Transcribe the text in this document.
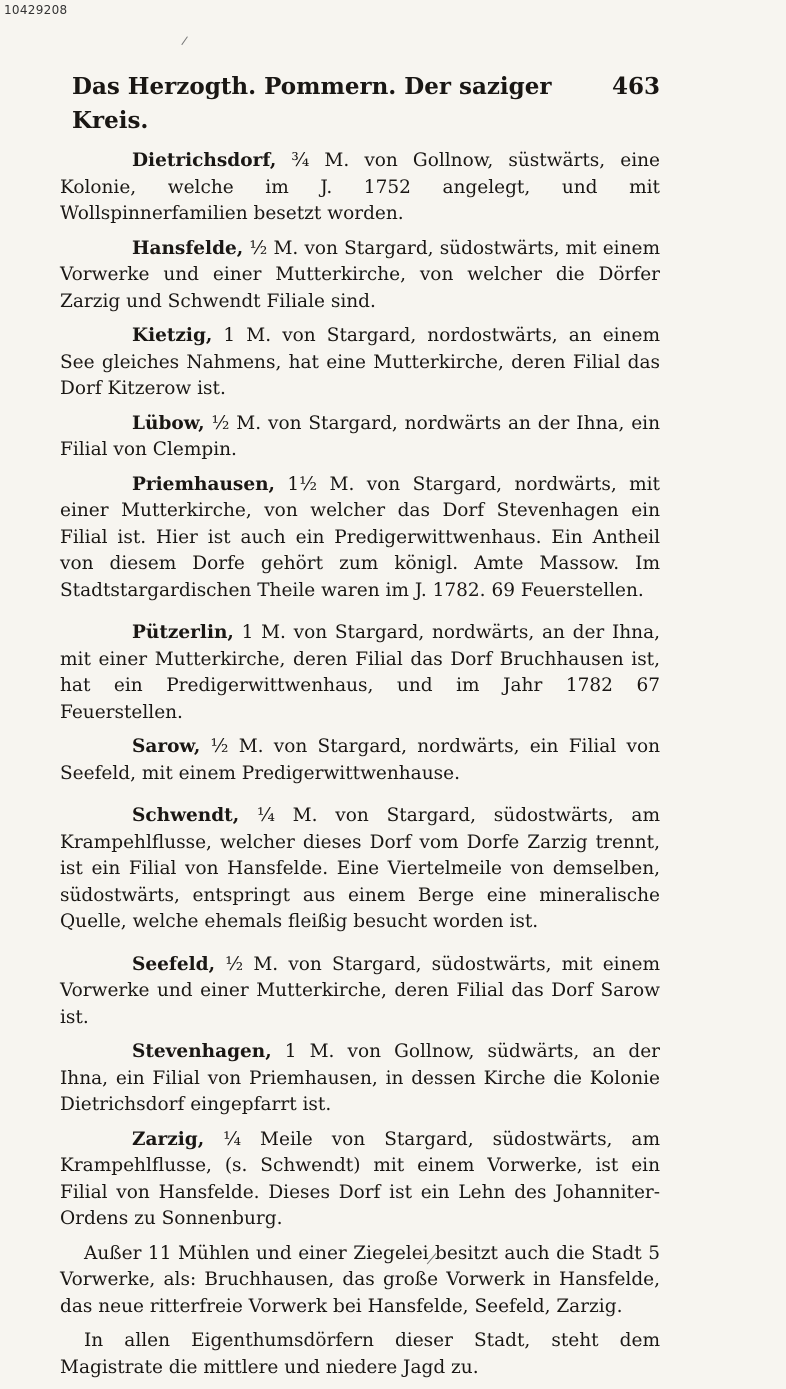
10429208
Das Herzogth. Pommern. Der saziger Kreis.
463

Dietrichsdorf, ¾ M. von Gollnow, süstwärts, eine Kolonie, welche im J. 1752 angelegt, und mit Wollspinnerfamilien besetzt worden.

Hansfelde, ½ M. von Stargard, südostwärts, mit einem Vorwerke und einer Mutterkirche, von welcher die Dörfer Zarzig und Schwendt Filiale sind.

Kietzig, 1 M. von Stargard, nordostwärts, an einem See gleiches Nahmens, hat eine Mutterkirche, deren Filial das Dorf Kitzerow ist.

Lübow, ½ M. von Stargard, nordwärts an der Ihna, ein Filial von Clempin.

Priemhausen, 1½ M. von Stargard, nordwärts, mit einer Mutterkirche, von welcher das Dorf Stevenhagen ein Filial ist. Hier ist auch ein Predigerwittwenhaus. Ein Antheil von diesem Dorfe gehört zum königl. Amte Massow. Im Stadtstargardischen Theile waren im J. 1782. 69 Feuerstellen.

Pützerlin, 1 M. von Stargard, nordwärts, an der Ihna, mit einer Mutterkirche, deren Filial das Dorf Bruchhausen ist, hat ein Predigerwittwenhaus, und im Jahr 1782 67 Feuerstellen.

Sarow, ½ M. von Stargard, nordwärts, ein Filial von Seefeld, mit einem Predigerwittwenhause.

Schwendt, ¼ M. von Stargard, südostwärts, am Krampehlflusse, welcher dieses Dorf vom Dorfe Zarzig trennt, ist ein Filial von Hansfelde. Eine Viertelmeile von demselben, südostwärts, entspringt aus einem Berge eine mineralische Quelle, welche ehemals fleißig besucht worden ist.

Seefeld, ½ M. von Stargard, südostwärts, mit einem Vorwerke und einer Mutterkirche, deren Filial das Dorf Sarow ist.

Stevenhagen, 1 M. von Gollnow, südwärts, an der Ihna, ein Filial von Priemhausen, in dessen Kirche die Kolonie Dietrichsdorf eingepfarrt ist.

Zarzig, ¼ Meile von Stargard, südostwärts, am Krampehlflusse, (s. Schwendt) mit einem Vorwerke, ist ein Filial von Hansfelde. Dieses Dorf ist ein Lehn des Johanniter-Ordens zu Sonnenburg.

Außer 11 Mühlen und einer Ziegelei besitzt auch die Stadt 5 Vorwerke, als: Bruchhausen, das große Vorwerk in Hansfelde, das neue ritterfreie Vorwerk bei Hansfelde, Seefeld, Zarzig.

In allen Eigenthumsdörfern dieser Stadt, steht dem Magistrate die mittlere und niedere Jagd zu.
